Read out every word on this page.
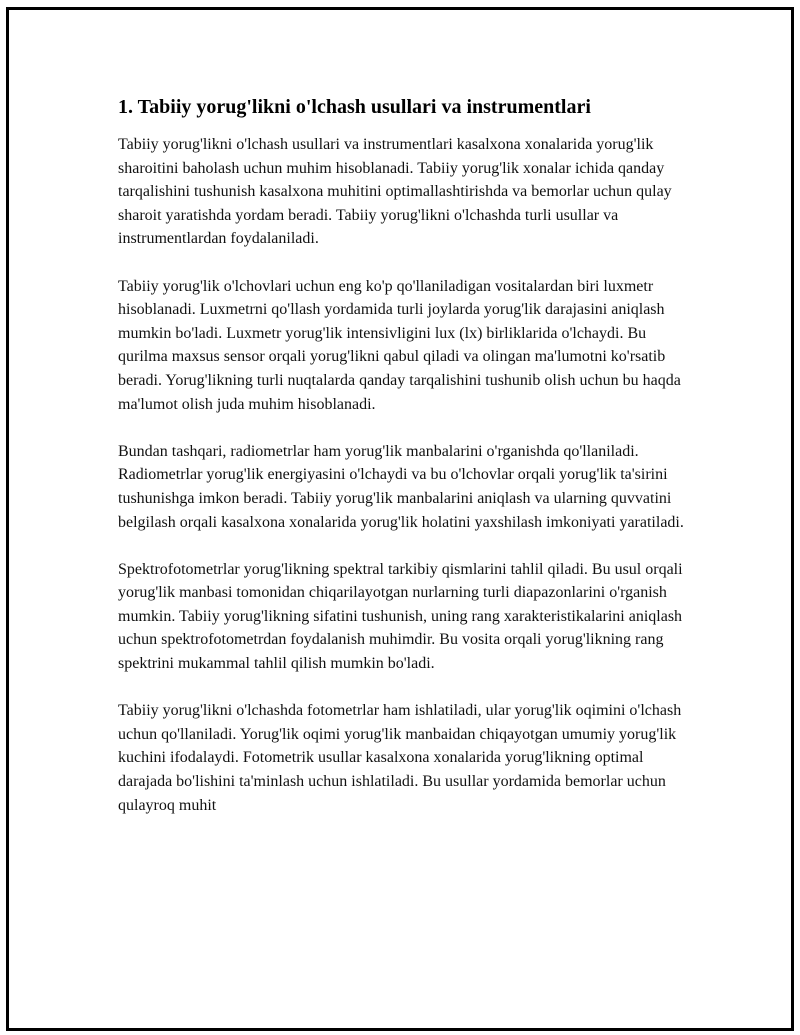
1. Tabiiy yorug'likni o'lchash usullari va instrumentlari

Tabiiy yorug'likni o'lchash usullari va instrumentlari kasalxona xonalarida yorug'lik sharoitini baholash uchun muhim hisoblanadi. Tabiiy yorug'lik xonalar ichida qanday tarqalishini tushunish kasalxona muhitini optimallashtirishda va bemorlar uchun qulay sharoit yaratishda yordam beradi. Tabiiy yorug'likni o'lchashda turli usullar va instrumentlardan foydalaniladi.

Tabiiy yorug'lik o'lchovlari uchun eng ko'p qo'llaniladigan vositalardan biri luxmetr hisoblanadi. Luxmetrni qo'llash yordamida turli joylarda yorug'lik darajasini aniqlash mumkin bo'ladi. Luxmetr yorug'lik intensivligini lux (lx) birliklarida o'lchaydi. Bu qurilma maxsus sensor orqali yorug'likni qabul qiladi va olingan ma'lumotni ko'rsatib beradi. Yorug'likning turli nuqtalarda qanday tarqalishini tushunib olish uchun bu haqda ma'lumot olish juda muhim hisoblanadi.

Bundan tashqari, radiometrlar ham yorug'lik manbalarini o'rganishda qo'llaniladi. Radiometrlar yorug'lik energiyasini o'lchaydi va bu o'lchovlar orqali yorug'lik ta'sirini tushunishga imkon beradi. Tabiiy yorug'lik manbalarini aniqlash va ularning quvvatini belgilash orqali kasalxona xonalarida yorug'lik holatini yaxshilash imkoniyati yaratiladi.

Spektrofotometrlar yorug'likning spektral tarkibiy qismlarini tahlil qiladi. Bu usul orqali yorug'lik manbasi tomonidan chiqarilayotgan nurlarning turli diapazonlarini o'rganish mumkin. Tabiiy yorug'likning sifatini tushunish, uning rang xarakteristikalarini aniqlash uchun spektrofotometrdan foydalanish muhimdir. Bu vosita orqali yorug'likning rang spektrini mukammal tahlil qilish mumkin bo'ladi.

Tabiiy yorug'likni o'lchashda fotometrlar ham ishlatiladi, ular yorug'lik oqimini o'lchash uchun qo'llaniladi. Yorug'lik oqimi yorug'lik manbaidan chiqayotgan umumiy yorug'lik kuchini ifodalaydi. Fotometrik usullar kasalxona xonalarida yorug'likning optimal darajada bo'lishini ta'minlash uchun ishlatiladi. Bu usullar yordamida bemorlar uchun qulayroq muhit
